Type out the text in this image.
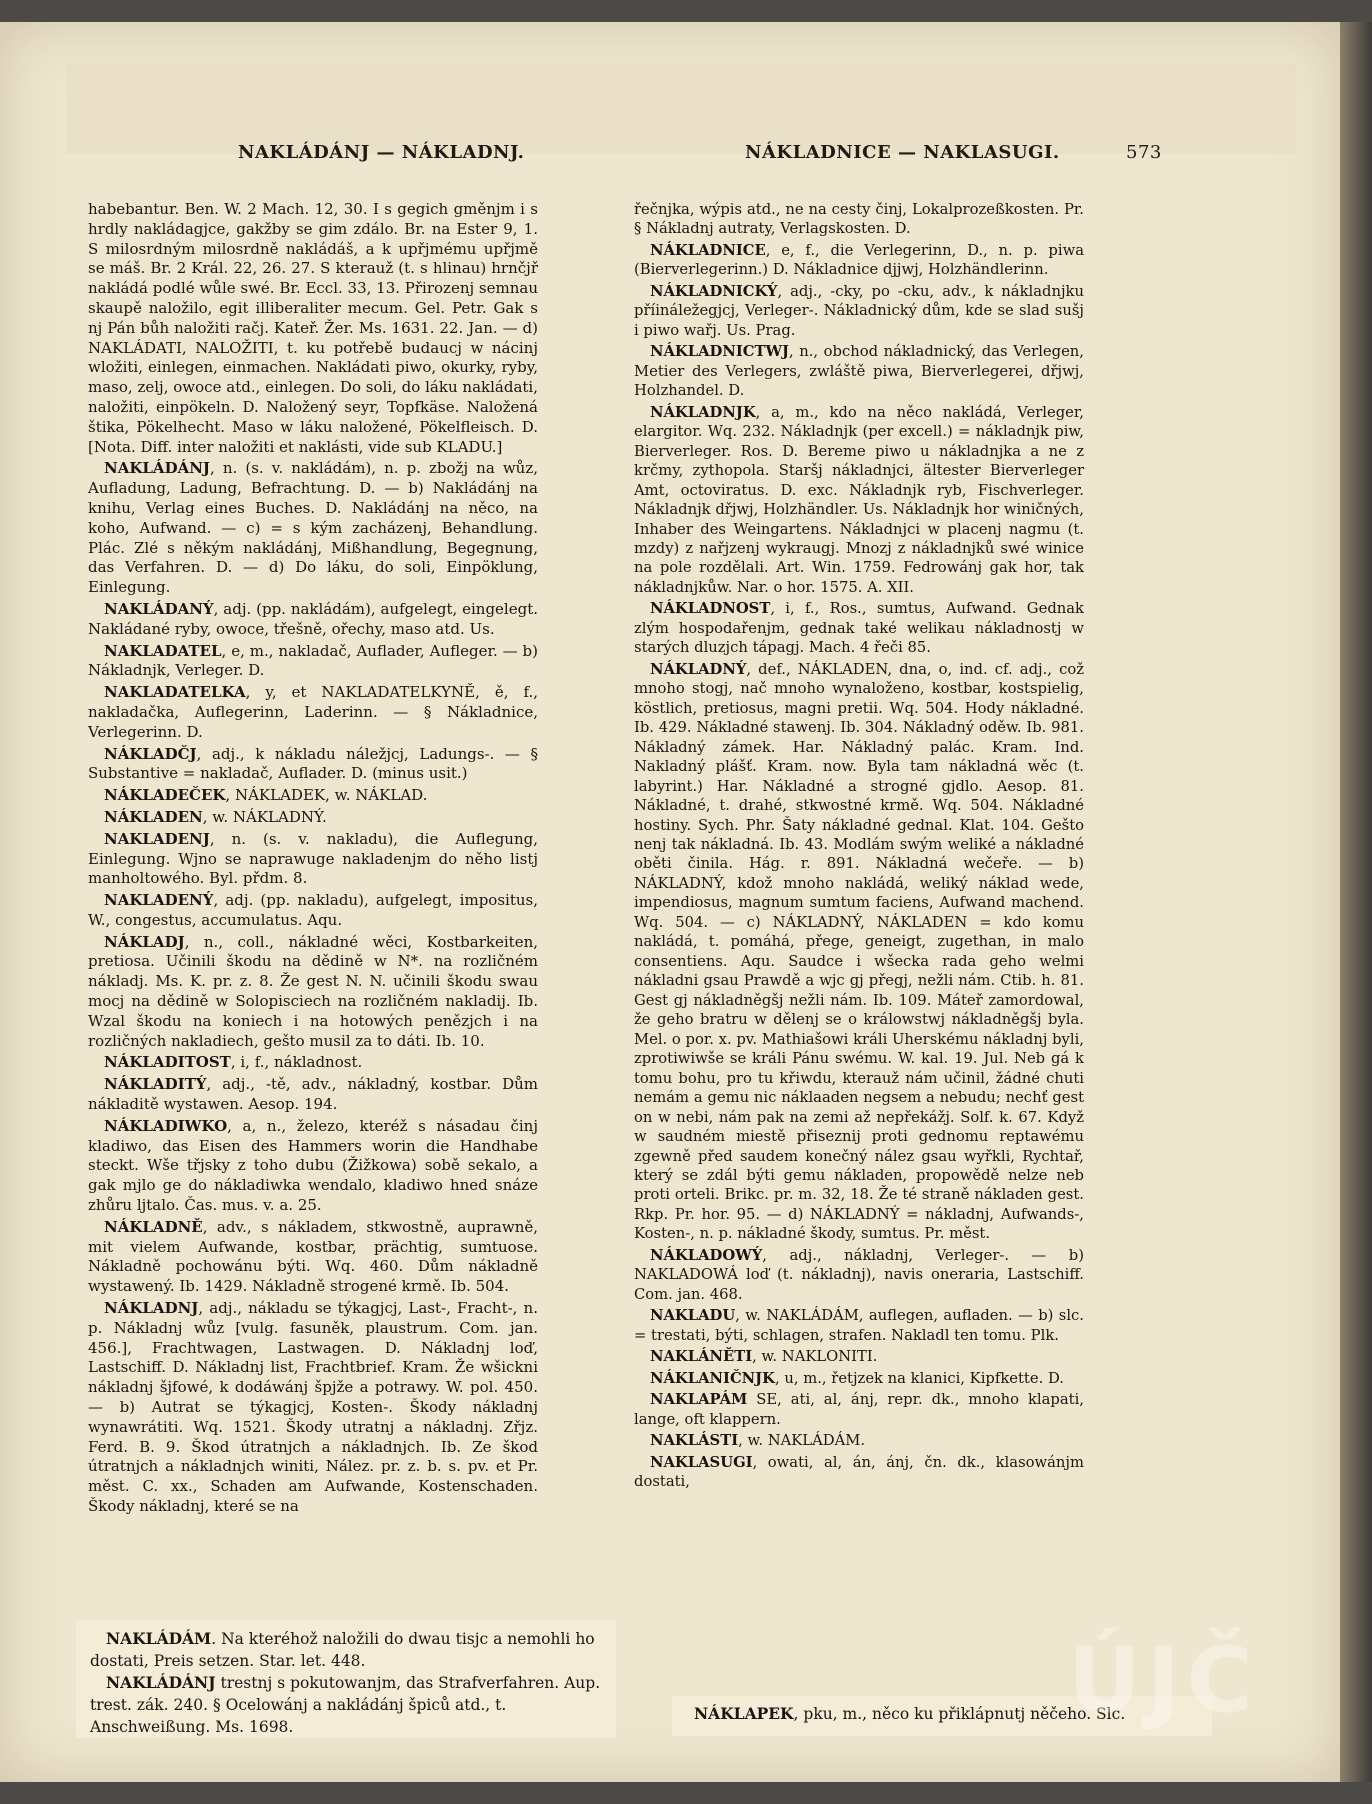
NAKLÁDÁNJ — NÁKLADNJ.	NÁKLADNICE — NAKLASUGI.	573

habebantur. Ben. W. 2 Mach. 12, 30. I s gegich gměnjm i s hrdly nakládagjce, gakžby se gim zdálo. Br. na Ester 9, 1. S milosrdným milosrdně nakládáš, a k upřjmému upřjmě se máš. Br. 2 Král. 22, 26. 27. S kterauž (t. s hlinau) hrnčjř nakládá podlé wůle swé. Br. Eccl. 33, 13. Přirozenj semnau skaupě naložilo, egit illiberaliter mecum. Gel. Petr. Gak s nj Pán bůh naložiti račj. Kateř. Žer. Ms. 1631. 22. Jan. — d) NAKLÁDATI, NALOŽITI, t. ku potřebě budaucj w nácinj wložiti, einlegen, einmachen. Nakládati piwo, okurky, ryby, maso, zelj, owoce atd., einlegen. Do soli, do láku nakládati, naložiti, einpökeln. D. Naložený seyr, Topfkäse. Naložená štika, Pökelhecht. Maso w láku naložené, Pökelfleisch. D. [Nota. Diff. inter naložiti et naklásti, vide sub KLADU.]

NAKLÁDÁNJ, n. (s. v. nakládám), n. p. zbožj na wůz, Aufladung, Ladung, Befrachtung. D. — b) Nakládánj na knihu, Verlag eines Buches. D. Nakládánj na něco, na koho, Aufwand. — c) = s kým zacházenj, Behandlung. Plác. Zlé s někým nakládánj, Mißhandlung, Begegnung, das Verfahren. D. — d) Do láku, do soli, Einpöklung, Einlegung.

NAKLÁDANÝ, adj. (pp. nakládám), aufgelegt, eingelegt. Nakládané ryby, owoce, třešně, ořechy, maso atd. Us.

NAKLADATEL, e, m., nakladač, Auflader, Aufleger. — b) Nákladnjk, Verleger. D.

NAKLADATELKA, y, et NAKLADATELKYNĚ, ě, f., nakladačka, Auflegerinn, Laderinn. — § Nákladnice, Verlegerinn. D.

NÁKLADČJ, adj., k nákladu náležjcj, Ladungs-. — § Substantive = nakladač, Auflader. D. (minus usit.)

NÁKLADEČEK, NÁKLADEK, w. NÁKLAD.

NÁKLADEN, w. NÁKLADNÝ.

NAKLADENJ, n. (s. v. nakladu), die Auflegung, Einlegung. Wjno se naprawuge nakladenjm do něho listj manholtowého. Byl. přdm. 8.

NAKLADENÝ, adj. (pp. nakladu), aufgelegt, impositus, W., congestus, accumulatus. Aqu.

NÁKLADJ, n., coll., nákladné wěci, Kostbarkeiten, pretiosa. Učinili škodu na dědině w N*. na rozličném nákladj. Ms. K. pr. z. 8. Že gest N. N. učinili škodu swau mocj na dědině w Solopisciech na rozličném nakladij. Ib. Wzal škodu na koniech i na hotowých penězjch i na rozličných nakladiech, gešto musil za to dáti. Ib. 10.

NÁKLADITOST, i, f., nákladnost.

NÁKLADITÝ, adj., -tě, adv., nákladný, kostbar. Dům nákladitě wystawen. Aesop. 194.

NÁKLADIWKO, a, n., železo, kteréž s násadau činj kladiwo, das Eisen des Hammers worin die Handhabe steckt. Wše třjsky z toho dubu (Žižkowa) sobě sekalo, a gak mjlo ge do nákladiwka wendalo, kladiwo hned snáze zhůru ljtalo. Čas. mus. v. a. 25.

NÁKLADNĚ, adv., s nákladem, stkwostně, auprawně, mit vielem Aufwande, kostbar, prächtig, sumtuose. Nákladně pochowánu býti. Wq. 460. Dům nákladně wystawený. Ib. 1429. Nákladně strogené krmě. Ib. 504.

NÁKLADNJ, adj., nákladu se týkagjcj, Last-, Fracht-, n. p. Nákladnj wůz [vulg. fasuněk, plaustrum. Com. jan. 456.], Frachtwagen, Lastwagen. D. Nákladnj loď, Lastschiff. D. Nákladnj list, Frachtbrief. Kram. Že wšickni nákladnj šjfowé, k dodáwánj špjže a potrawy. W. pol. 450. — b) Autrat se týkagjcj, Kosten-. Škody nákladnj wynawrátiti. Wq. 1521. Škody utratnj a nákladnj. Zřjz. Ferd. B. 9. Škod útratnjch a nákladnjch. Ib. Ze škod útratnjch a nákladnjch winiti, Nález. pr. z. b. s. pv. et Pr. měst. C. xx., Schaden am Aufwande, Kostenschaden. Škody nákladnj, které se na

řečnjka, wýpis atd., ne na cesty činj, Lokalprozeßkosten. Pr. § Nákladnj autraty, Verlagskosten. D.

NÁKLADNICE, e, f., die Verlegerinn, D., n. p. piwa (Bierverlegerinn.) D. Nákladnice djjwj, Holzhändlerinn.

NÁKLADNICKÝ, adj., -cky, po -cku, adv., k nákladnjku příináležegjcj, Verleger-. Nákladnický dům, kde se slad sušj i piwo wařj. Us. Prag.

NÁKLADNICTWJ, n., obchod nákladnický, das Verlegen, Metier des Verlegers, zwláště piwa, Bierverlegerei, dřjwj, Holzhandel. D.

NÁKLADNJK, a, m., kdo na něco nakládá, Verleger, elargitor. Wq. 232. Nákladnjk (per excell.) = nákladnjk piw, Bierverleger. Ros. D. Bereme piwo u nákladnjka a ne z krčmy, zythopola. Staršj nákladnjci, ältester Bierverleger Amt, octoviratus. D. exc. Nákladnjk ryb, Fischverleger. Nákladnjk dřjwj, Holzhändler. Us. Nákladnjk hor winičných, Inhaber des Weingartens. Nákladnjci w placenj nagmu (t. mzdy) z nařjzenj wykraugj. Mnozj z nákladnjků swé winice na pole rozdělali. Art. Win. 1759. Fedrowánj gak hor, tak nákladnjkůw. Nar. o hor. 1575. A. XII.

NÁKLADNOST, i, f., Ros., sumtus, Aufwand. Gednak zlým hospodařenjm, gednak také welikau nákladnostj w starých dluzjch tápagj. Mach. 4 řeči 85.

NÁKLADNÝ, def., NÁKLADEN, dna, o, ind. cf. adj., což mnoho stogj, nač mnoho wynaloženo, kostbar, kostspielig, köstlich, pretiosus, magni pretii. Wq. 504. Hody nákladné. Ib. 429. Nákladné stawenj. Ib. 304. Nákladný oděw. Ib. 981. Nákladný zámek. Har. Nákladný palác. Kram. Ind. Nakladný plášť. Kram. now. Byla tam nákladná wěc (t. labyrint.) Har. Nákladné a strogné gjdlo. Aesop. 81. Nákladné, t. drahé, stkwostné krmě. Wq. 504. Nákladné hostiny. Sych. Phr. Šaty nákladné gednal. Klat. 104. Gešto nenj tak nákladná. Ib. 43. Modlám swým weliké a nákladné oběti činila. Hág. r. 891. Nákladná wečeře. — b) NÁKLADNÝ, kdož mnoho nakládá, weliký náklad wede, impendiosus, magnum sumtum faciens, Aufwand machend. Wq. 504. — c) NÁKLADNÝ, NÁKLADEN = kdo komu nakládá, t. pomáhá, přege, geneigt, zugethan, in malo consentiens. Aqu. Saudce i wšecka rada geho welmi nákladni gsau Prawdě a wjc gj přegj, nežli nám. Ctib. h. 81. Gest gj nákladněgšj nežli nám. Ib. 109. Máteř zamordowal, že geho bratru w dělenj se o králowstwj nákladněgšj byla. Mel. o por. x. pv. Mathiašowi králi Uherskému nákladnj byli, zprotiwiwše se králi Pánu swému. W. kal. 19. Jul. Neb gá k tomu bohu, pro tu křiwdu, kterauž nám učinil, žádné chuti nemám a gemu nic náklaaden negsem a nebudu; nechť gest on w nebi, nám pak na zemi až nepřekážj. Solf. k. 67. Když w saudném miestě přiseznij proti gednomu reptawému zgewně před saudem konečný nález gsau wyřkli, Rychtař, který se zdál býti gemu nákladen, propowědě nelze neb proti orteli. Brikc. pr. m. 32, 18. Že té straně nákladen gest. Rkp. Pr. hor. 95. — d) NÁKLADNÝ = nákladnj, Aufwands-, Kosten-, n. p. nákladné škody, sumtus. Pr. měst.

NÁKLADOWÝ, adj., nákladnj, Verleger-. — b) NAKLADOWÁ loď (t. nákladnj), navis oneraria, Lastschiff. Com. jan. 468.

NAKLADU, w. NAKLÁDÁM, auflegen, aufladen. — b) slc. = trestati, býti, schlagen, strafen. Nakladl ten tomu. Plk.

NAKLÁNĚTI, w. NAKLONITI.

NÁKLANIČNJK, u, m., řetjzek na klanici, Kipfkette. D.

NAKLAPÁM SE, ati, al, ánj, repr. dk., mnoho klapati, lange, oft klappern.

NAKLÁSTI, w. NAKLÁDÁM.

NAKLASUGI, owati, al, án, ánj, čn. dk., klasowánjm dostati,

NAKLÁDÁM. Na kteréhož naložili do dwau tisjc a nemohli ho dostati, Preis setzen. Star. let. 448.

NAKLÁDÁNJ trestnj s pokutowanjm, das Strafverfahren. Aup. trest. zák. 240. § Ocelowánj a nakládánj špiců atd., t. Anschweißung. Ms. 1698.

NÁKLAPEK, pku, m., něco ku přiklápnutj něčeho. Slc.
ÚJČ
